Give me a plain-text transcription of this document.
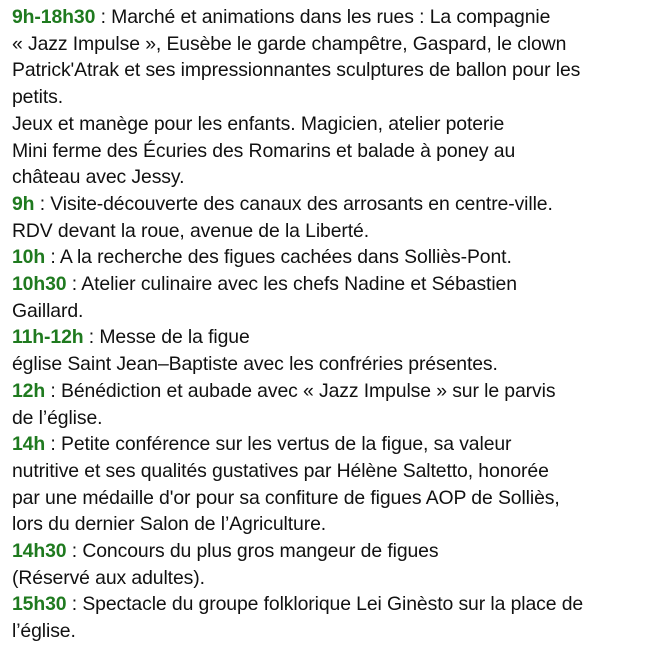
9h-18h30 : Marché et animations dans les rues : La compagnie
« Jazz Impulse », Eusèbe le garde champêtre, Gaspard, le clown
Patrick'Atrak et ses impressionnantes sculptures de ballon pour les
petits.
Jeux et manège pour les enfants. Magicien, atelier poterie
Mini ferme des Écuries des Romarins et balade à poney au
château avec Jessy.
9h : Visite-découverte des canaux des arrosants en centre-ville.
RDV devant la roue, avenue de la Liberté.
10h : A la recherche des figues cachées dans Solliès-Pont.
10h30 : Atelier culinaire avec les chefs Nadine et Sébastien
Gaillard.
11h-12h : Messe de la figue
église Saint Jean–Baptiste avec les confréries présentes.
12h : Bénédiction et aubade avec « Jazz Impulse » sur le parvis
de l’église.
14h : Petite conférence sur les vertus de la figue, sa valeur
nutritive et ses qualités gustatives par Hélène Saltetto, honorée
par une médaille d'or pour sa confiture de figues AOP de Solliès,
lors du dernier Salon de l’Agriculture.
14h30 : Concours du plus gros mangeur de figues
(Réservé aux adultes).
15h30 : Spectacle du groupe folklorique Lei Ginèsto sur la place de
l’église.
